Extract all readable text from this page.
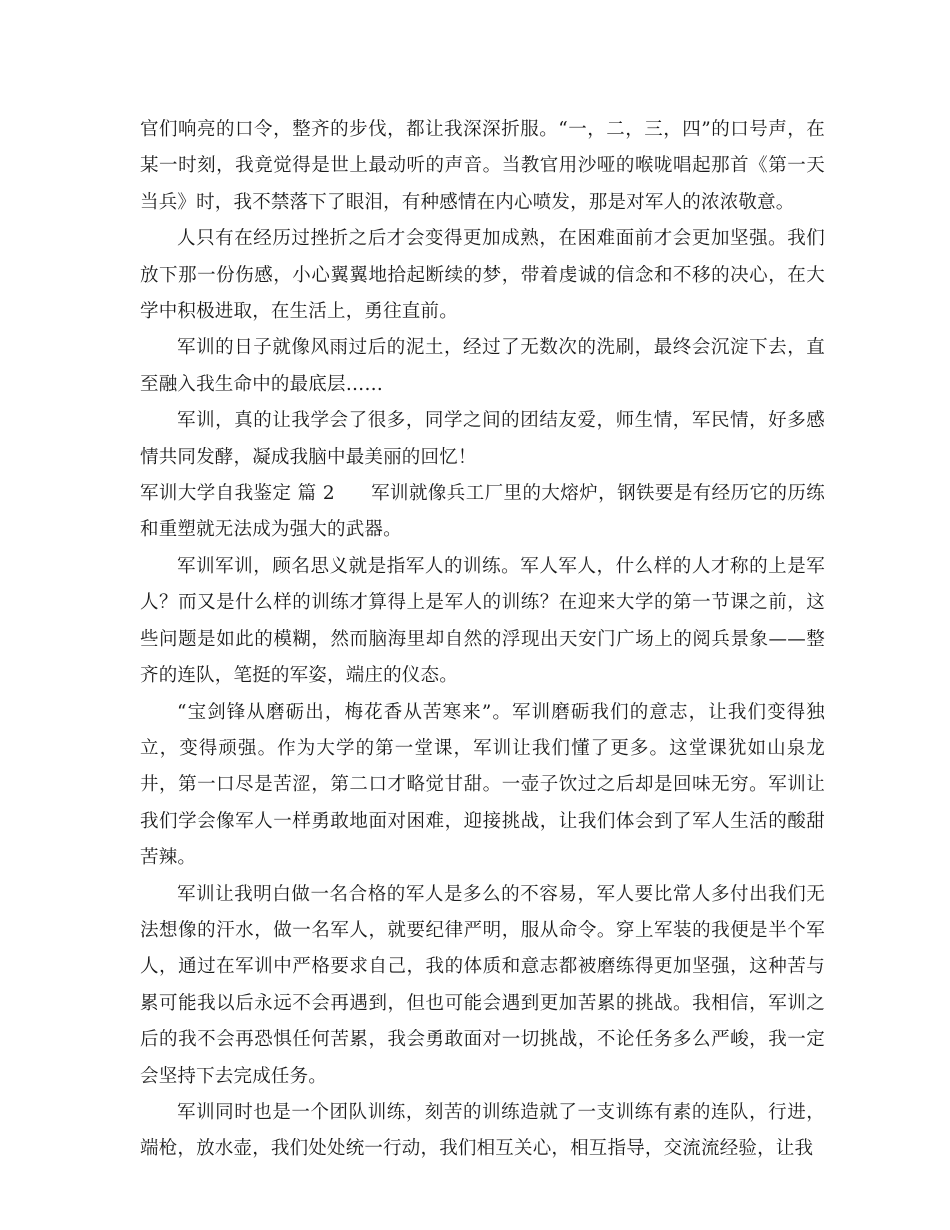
官们响亮的口令，整齐的步伐，都让我深深折服。“一，二，三，四”的口号声，在某一时刻，我竟觉得是世上最动听的声音。当教官用沙哑的喉咙唱起那首《第一天当兵》时，我不禁落下了眼泪，有种感情在内心喷发，那是对军人的浓浓敬意。

人只有在经历过挫折之后才会变得更加成熟，在困难面前才会更加坚强。我们放下那一份伤感，小心翼翼地拾起断续的梦，带着虔诚的信念和不移的决心，在大学中积极进取，在生活上，勇往直前。

军训的日子就像风雨过后的泥土，经过了无数次的洗刷，最终会沉淀下去，直至融入我生命中的最底层……

军训，真的让我学会了很多，同学之间的团结友爱，师生情，军民情，好多感情共同发酵，凝成我脑中最美丽的回忆！

军训大学自我鉴定 篇 2 军训就像兵工厂里的大熔炉，钢铁要是有经历它的历练和重塑就无法成为强大的武器。

军训军训，顾名思义就是指军人的训练。军人军人，什么样的人才称的上是军人？而又是什么样的训练才算得上是军人的训练？在迎来大学的第一节课之前，这些问题是如此的模糊，然而脑海里却自然的浮现出天安门广场上的阅兵景象——整齐的连队，笔挺的军姿，端庄的仪态。

“宝剑锋从磨砺出，梅花香从苦寒来”。军训磨砺我们的意志，让我们变得独立，变得顽强。作为大学的第一堂课，军训让我们懂了更多。这堂课犹如山泉龙井，第一口尽是苦涩，第二口才略觉甘甜。一壶子饮过之后却是回味无穷。军训让我们学会像军人一样勇敢地面对困难，迎接挑战，让我们体会到了军人生活的酸甜苦辣。

军训让我明白做一名合格的军人是多么的不容易，军人要比常人多付出我们无法想像的汗水，做一名军人，就要纪律严明，服从命令。穿上军装的我便是半个军人，通过在军训中严格要求自己，我的体质和意志都被磨练得更加坚强，这种苦与累可能我以后永远不会再遇到，但也可能会遇到更加苦累的挑战。我相信，军训之后的我不会再恐惧任何苦累，我会勇敢面对一切挑战，不论任务多么严峻，我一定会坚持下去完成任务。

军训同时也是一个团队训练，刻苦的训练造就了一支训练有素的连队，行进，端枪，放水壶，我们处处统一行动，我们相互关心，相互指导，交流流经验，让我
